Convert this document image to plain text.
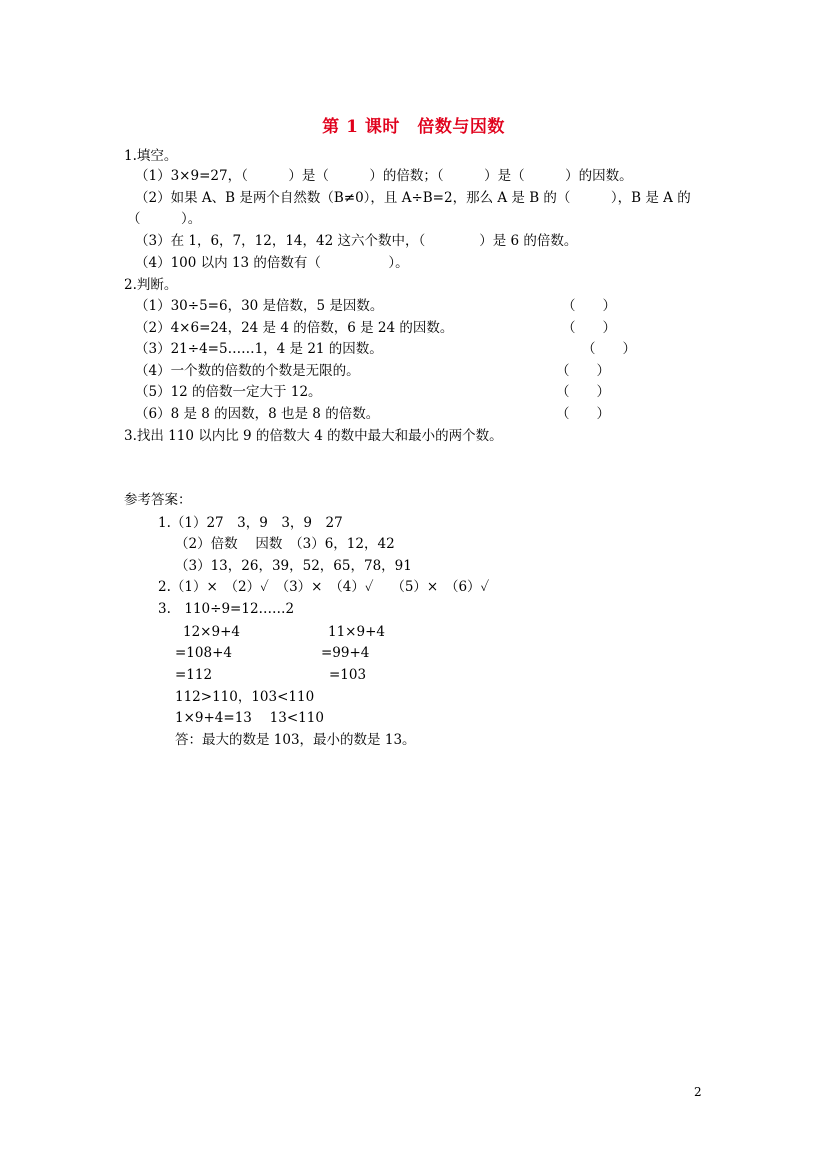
第 1 课时　倍数与因数
1.填空。
（1）3×9=27，（　　　）是（　　　）的倍数；（　　　）是（　　　）的因数。
（2）如果 A、B 是两个自然数（B≠0），且 A÷B=2，那么 A 是 B 的（　　　），B 是 A 的
（　　　）。
（3）在 1，6，7，12，14，42 这六个数中，（　　　　）是 6 的倍数。
（4）100 以内 13 的倍数有（　　　　　）。
2.判断。
（1）30÷5=6，30 是倍数，5 是因数。	（　　）
（2）4×6=24，24 是 4 的倍数，6 是 24 的因数。	（　　）
（3）21÷4=5……1，4 是 21 的因数。	（　　）
（4）一个数的倍数的个数是无限的。	（　　）
（5）12 的倍数一定大于 12。	（　　）
（6）8 是 8 的因数，8 也是 8 的倍数。	（　　）
3.找出 110 以内比 9 的倍数大 4 的数中最大和最小的两个数。
参考答案：
1.（1）27　3，9　3，9　27
（2）倍数　 因数　（3）6，12，42
（3）13，26，39，52，65，78，91
2.（1）×　（2）✓　（3）×　（4）✓　 （5）×　（6）✓
3.　110÷9=12……2
12×9+4	11×9+4
=108+4	=99+4
=112	=103
112>110，103<110
1×9+4=13　 13<110
答：最大的数是 103，最小的数是 13。
2
